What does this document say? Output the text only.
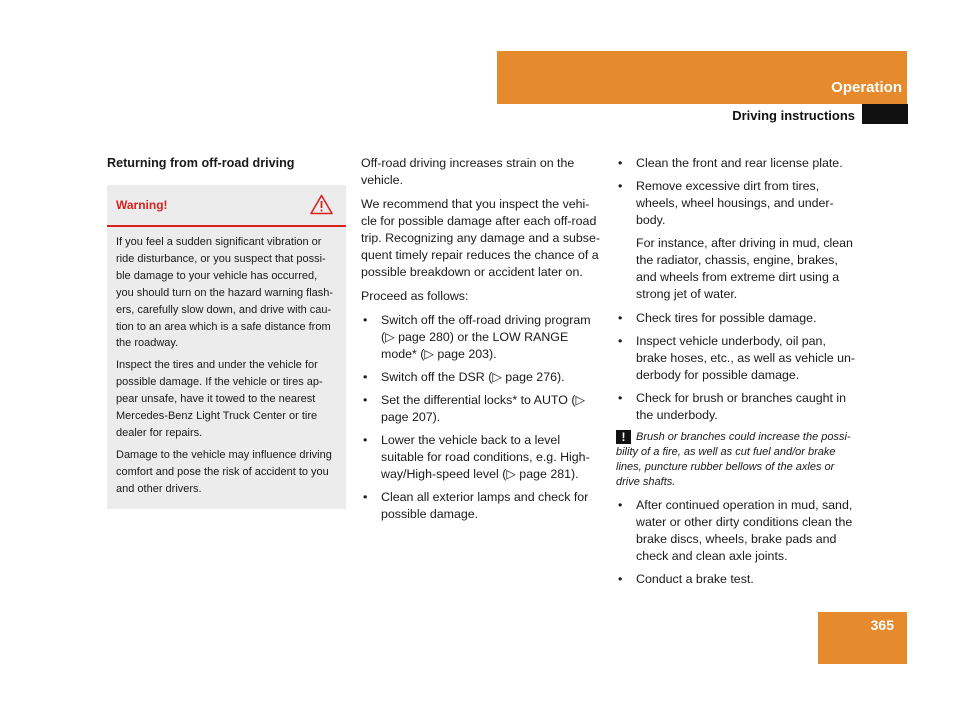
Operation
Driving instructions
Returning from off-road driving
Warning!

If you feel a sudden significant vibration or ride disturbance, or you suspect that possi-ble damage to your vehicle has occurred, you should turn on the hazard warning flash-ers, carefully slow down, and drive with cau-tion to an area which is a safe distance from the roadway.

Inspect the tires and under the vehicle for possible damage. If the vehicle or tires ap-pear unsafe, have it towed to the nearest Mercedes-Benz Light Truck Center or tire dealer for repairs.

Damage to the vehicle may influence driving comfort and pose the risk of accident to you and other drivers.

Off-road driving increases strain on the vehicle.

We recommend that you inspect the vehi-cle for possible damage after each off-road trip. Recognizing any damage and a subse-quent timely repair reduces the chance of a possible breakdown or accident later on.

Proceed as follows:

• Switch off the off-road driving program (▷ page 280) or the LOW RANGE mode* (▷ page 203).
• Switch off the DSR (▷ page 276).
• Set the differential locks* to AUTO (▷ page 207).
• Lower the vehicle back to a level suitable for road conditions, e.g. High-way/High-speed level (▷ page 281).
• Clean all exterior lamps and check for possible damage.
• Clean the front and rear license plate.
• Remove excessive dirt from tires, wheels, wheel housings, and under-body.

For instance, after driving in mud, clean the radiator, chassis, engine, brakes, and wheels from extreme dirt using a strong jet of water.

• Check tires for possible damage.
• Inspect vehicle underbody, oil pan, brake hoses, etc., as well as vehicle un-derbody for possible damage.
• Check for brush or branches caught in the underbody.

! Brush or branches could increase the possi-bility of a fire, as well as cut fuel and/or brake lines, puncture rubber bellows of the axles or drive shafts.

• After continued operation in mud, sand, water or other dirty conditions clean the brake discs, wheels, brake pads and check and clean axle joints.
• Conduct a brake test.
365
